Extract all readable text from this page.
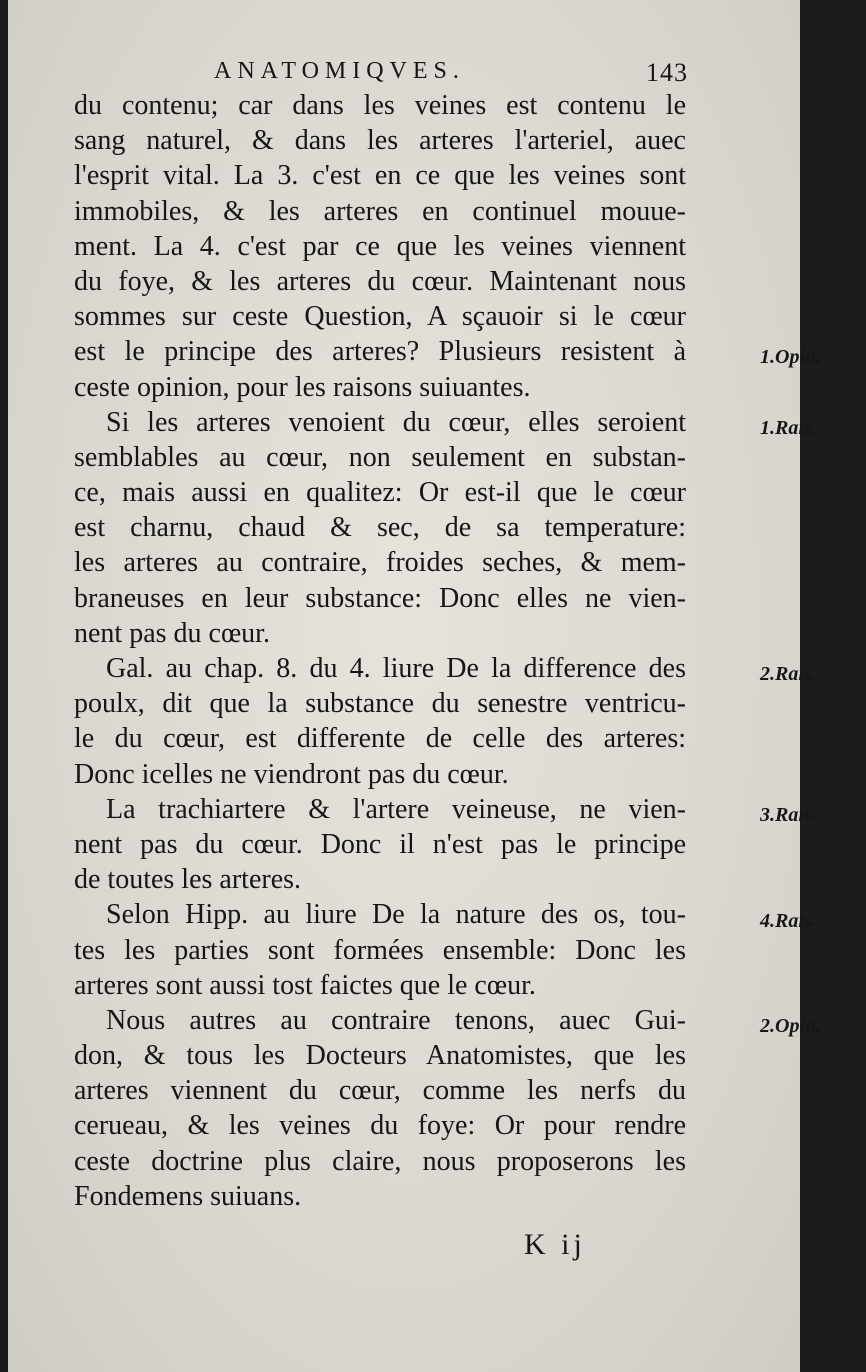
ANATOMIQVES.	143
du contenu; car dans les veines est contenu le
sang naturel, & dans les arteres l'arteriel, auec
l'esprit vital. La 3. c'est en ce que les veines sont
immobiles, & les arteres en continuel mouue-
ment. La 4. c'est par ce que les veines viennent
du foye, & les arteres du cœur. Maintenant nous
sommes sur ceste Question, A sçauoir si le cœur
est le principe des arteres? Plusieurs resistent à
ceste opinion, pour les raisons suiuantes.
Si les arteres venoient du cœur, elles seroient
semblables au cœur, non seulement en substan-
ce, mais aussi en qualitez: Or est-il que le cœur
est charnu, chaud & sec, de sa temperature:
les arteres au contraire, froides seches, & mem-
braneuses en leur substance: Donc elles ne vien-
nent pas du cœur.
Gal. au chap. 8. du 4. liure De la difference des
poulx, dit que la substance du senestre ventricu-
le du cœur, est differente de celle des arteres:
Donc icelles ne viendront pas du cœur.
La trachiartere & l'artere veineuse, ne vien-
nent pas du cœur. Donc il n'est pas le principe
de toutes les arteres.
Selon Hipp. au liure De la nature des os, tou-
tes les parties sont formées ensemble: Donc les
arteres sont aussi tost faictes que le cœur.
Nous autres au contraire tenons, auec Gui-
don, & tous les Docteurs Anatomistes, que les
arteres viennent du cœur, comme les nerfs du
cerueau, & les veines du foye: Or pour rendre
ceste doctrine plus claire, nous proposerons les
Fondemens suiuans.
1.Opin.
1.Rais.
2.Rais.
3.Rais.
4.Rais.
2.Opin.
K ij
